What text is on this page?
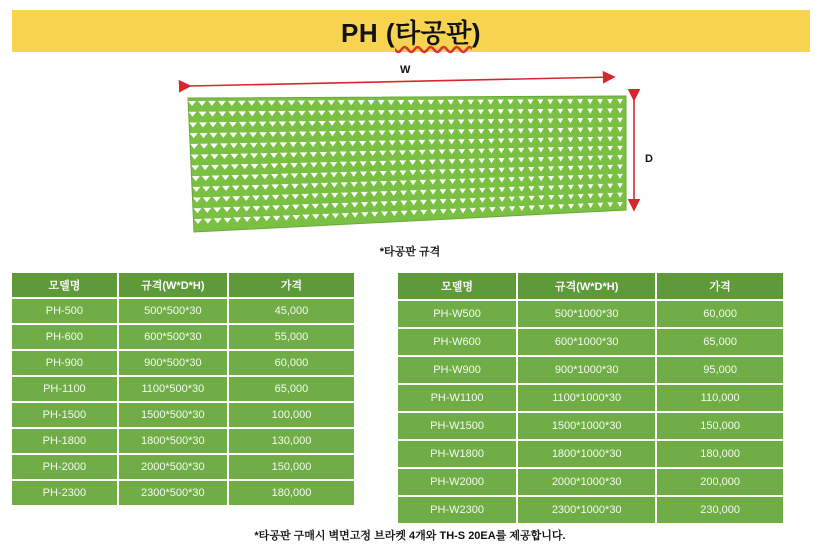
PH (타공판)
W
D
*타공판 규격
모델명	규격(W*D*H)	가격
PH-500	500*500*30	45,000
PH-600	600*500*30	55,000
PH-900	900*500*30	60,000
PH-1100	1100*500*30	65,000
PH-1500	1500*500*30	100,000
PH-1800	1800*500*30	130,000
PH-2000	2000*500*30	150,000
PH-2300	2300*500*30	180,000
모델명	규격(W*D*H)	가격
PH-W500	500*1000*30	60,000
PH-W600	600*1000*30	65,000
PH-W900	900*1000*30	95,000
PH-W1100	1100*1000*30	110,000
PH-W1500	1500*1000*30	150,000
PH-W1800	1800*1000*30	180,000
PH-W2000	2000*1000*30	200,000
PH-W2300	2300*1000*30	230,000
*타공판 구매시 벽면고정 브라켓 4개와 TH-S 20EA를 제공합니다.
